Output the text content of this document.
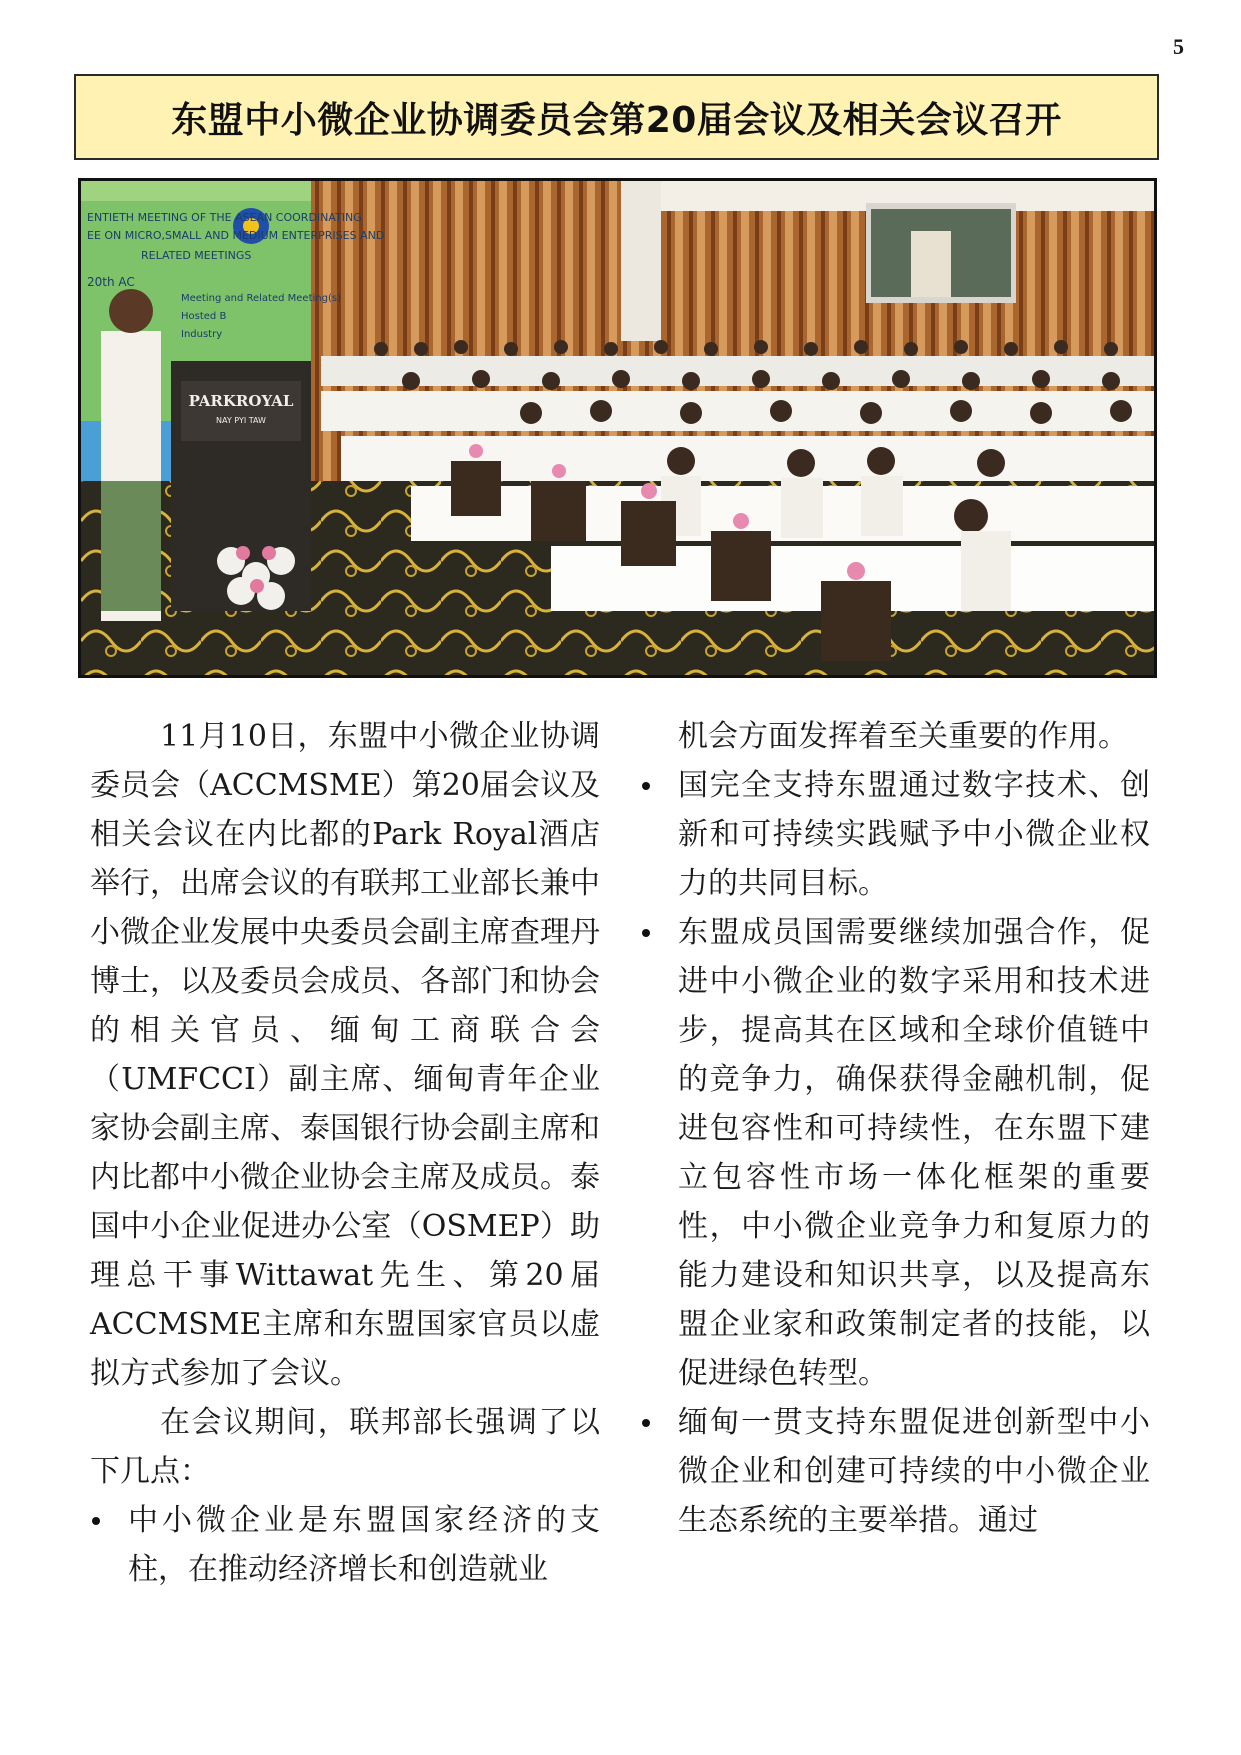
5
东盟中小微企业协调委员会第20届会议及相关会议召开
ENTIETH MEETING OF THE ASEAN COORDINATING
EE ON MICRO,SMALL AND MEDIUM ENTERPRISES AND
RELATED MEETINGS
20th AC
Meeting and Related Meeting(s)
Hosted B
Industry
PARKROYAL
NAY PYI TAW

11月10日，东盟中小微企业协调委员会（ACCMSME）第20届会议及相关会议在内比都的Park Royal酒店举行，出席会议的有联邦工业部长兼中小微企业发展中央委员会副主席查理丹博士，以及委员会成员、各部门和协会的相关官员、缅甸工商联合会（UMFCCI）副主席、缅甸青年企业家协会副主席、泰国银行协会副主席和内比都中小微企业协会主席及成员。泰国中小企业促进办公室（OSMEP）助理总干事Wittawat先生、第20届ACCMSME主席和东盟国家官员以虚拟方式参加了会议。

在会议期间，联邦部长强调了以下几点：

中小微企业是东盟国家经济的支柱，在推动经济增长和创造就业

机会方面发挥着至关重要的作用。

国完全支持东盟通过数字技术、创新和可持续实践赋予中小微企业权力的共同目标。
东盟成员国需要继续加强合作，促进中小微企业的数字采用和技术进步，提高其在区域和全球价值链中的竞争力，确保获得金融机制，促进包容性和可持续性，在东盟下建立包容性市场一体化框架的重要性，中小微企业竞争力和复原力的能力建设和知识共享，以及提高东盟企业家和政策制定者的技能，以促进绿色转型。
缅甸一贯支持东盟促进创新型中小微企业和创建可持续的中小微企业生态系统的主要举措。通过
